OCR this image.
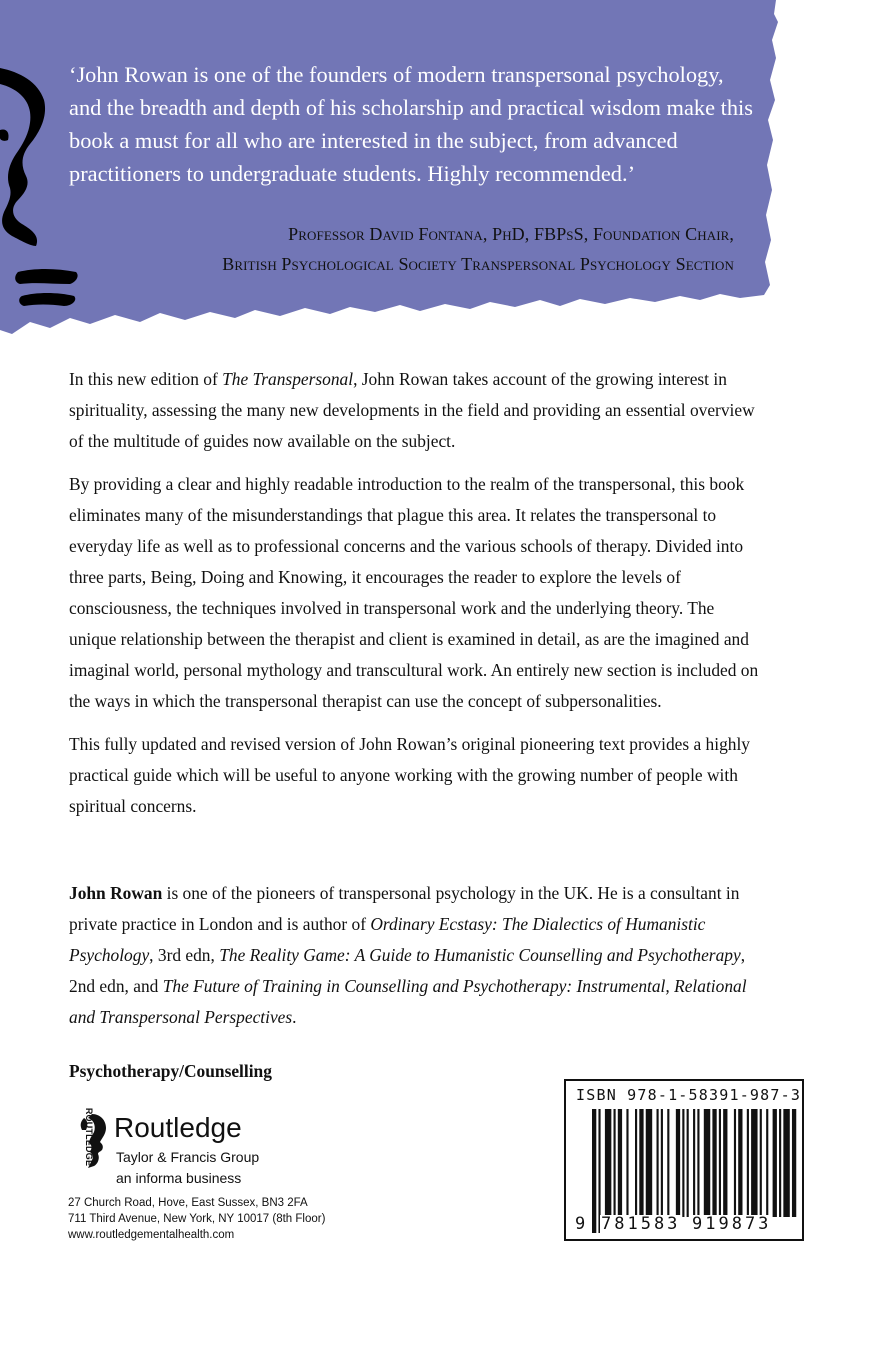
‘John Rowan is one of the founders of modern transpersonal psychology, and the breadth and depth of his scholarship and practical wisdom make this book a must for all who are interested in the subject, from advanced practitioners to undergraduate students. Highly recommended.’
Professor David Fontana, PhD, FBPsS, Foundation Chair,
British Psychological Society Transpersonal Psychology Section

In this new edition of The Transpersonal, John Rowan takes account of the growing interest in spirituality, assessing the many new developments in the field and providing an essential overview of the multitude of guides now available on the subject.

By providing a clear and highly readable introduction to the realm of the transpersonal, this book eliminates many of the misunderstandings that plague this area. It relates the transpersonal to everyday life as well as to professional concerns and the various schools of therapy. Divided into three parts, Being, Doing and Knowing, it encourages the reader to explore the levels of consciousness, the techniques involved in transpersonal work and the underlying theory. The unique relationship between the therapist and client is examined in detail, as are the imagined and imaginal world, personal mythology and transcultural work. An entirely new section is included on the ways in which the transpersonal therapist can use the concept of subpersonalities.

This fully updated and revised version of John Rowan’s original pioneering text provides a highly practical guide which will be useful to anyone working with the growing number of people with spiritual concerns.

John Rowan is one of the pioneers of transpersonal psychology in the UK. He is a consultant in private practice in London and is author of Ordinary Ecstasy: The Dialectics of Humanistic Psychology, 3rd edn, The Reality Game: A Guide to Humanistic Counselling and Psychotherapy, 2nd edn, and The Future of Training in Counselling and Psychotherapy: Instrumental, Relational and Transpersonal Perspectives.
Psychotherapy/Counselling
ROUTLEDGE Routledge
Taylor & Francis Group
an informa business
27 Church Road, Hove, East Sussex, BN3 2FA
711 Third Avenue, New York, NY 10017 (8th Floor)
www.routledgementalhealth.com
ISBN 978-1-58391-987-3
9 781583 919873
